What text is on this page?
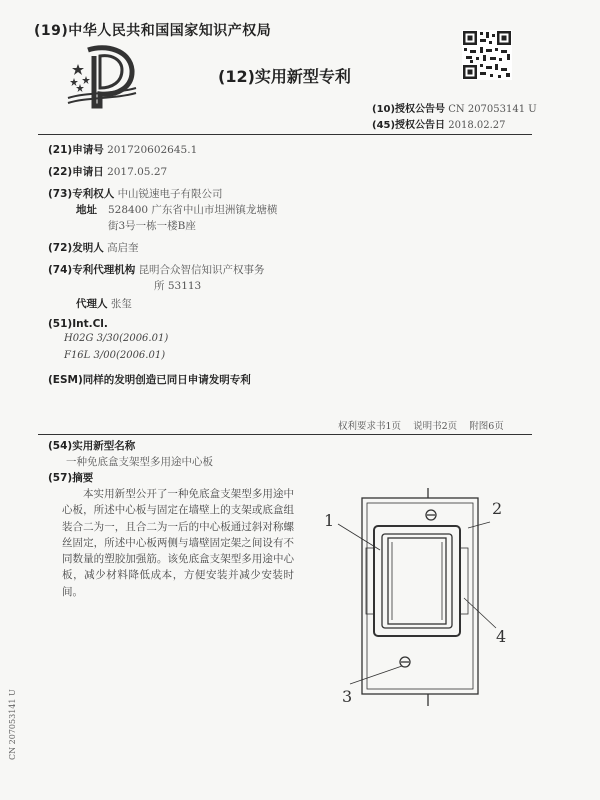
(19)中华人民共和国国家知识产权局
(12)实用新型专利
(10)授权公告号 CN 207053141 U
(45)授权公告日 2018.02.27
(21)申请号 201720602645.1
(22)申请日 2017.05.27
(73)专利权人 中山锐速电子有限公司
地址 528400 广东省中山市坦洲镇龙塘横
街3号一栋一楼B座
(72)发明人 高启奎
(74)专利代理机构 昆明合众智信知识产权事务
所 53113
代理人 张玺
(51)Int.Cl.
H02G 3/30(2006.01)
F16L 3/00(2006.01)
(ESM)同样的发明创造已同日申请发明专利
权利要求书1页    说明书2页    附图6页
(54)实用新型名称
一种免底盒支架型多用途中心板
(57)摘要
本实用新型公开了一种免底盒支架型多用途中心板，所述中心板与固定在墙壁上的支架或底盒组装合二为一，且合二为一后的中心板通过斜对称螺丝固定，所述中心板两侧与墙壁固定架之间设有不同数量的塑胶加强筋。该免底盒支架型多用途中心板，减少材料降低成本，方便安装并减少安装时间。
1
2
3
4
CN 207053141 U
